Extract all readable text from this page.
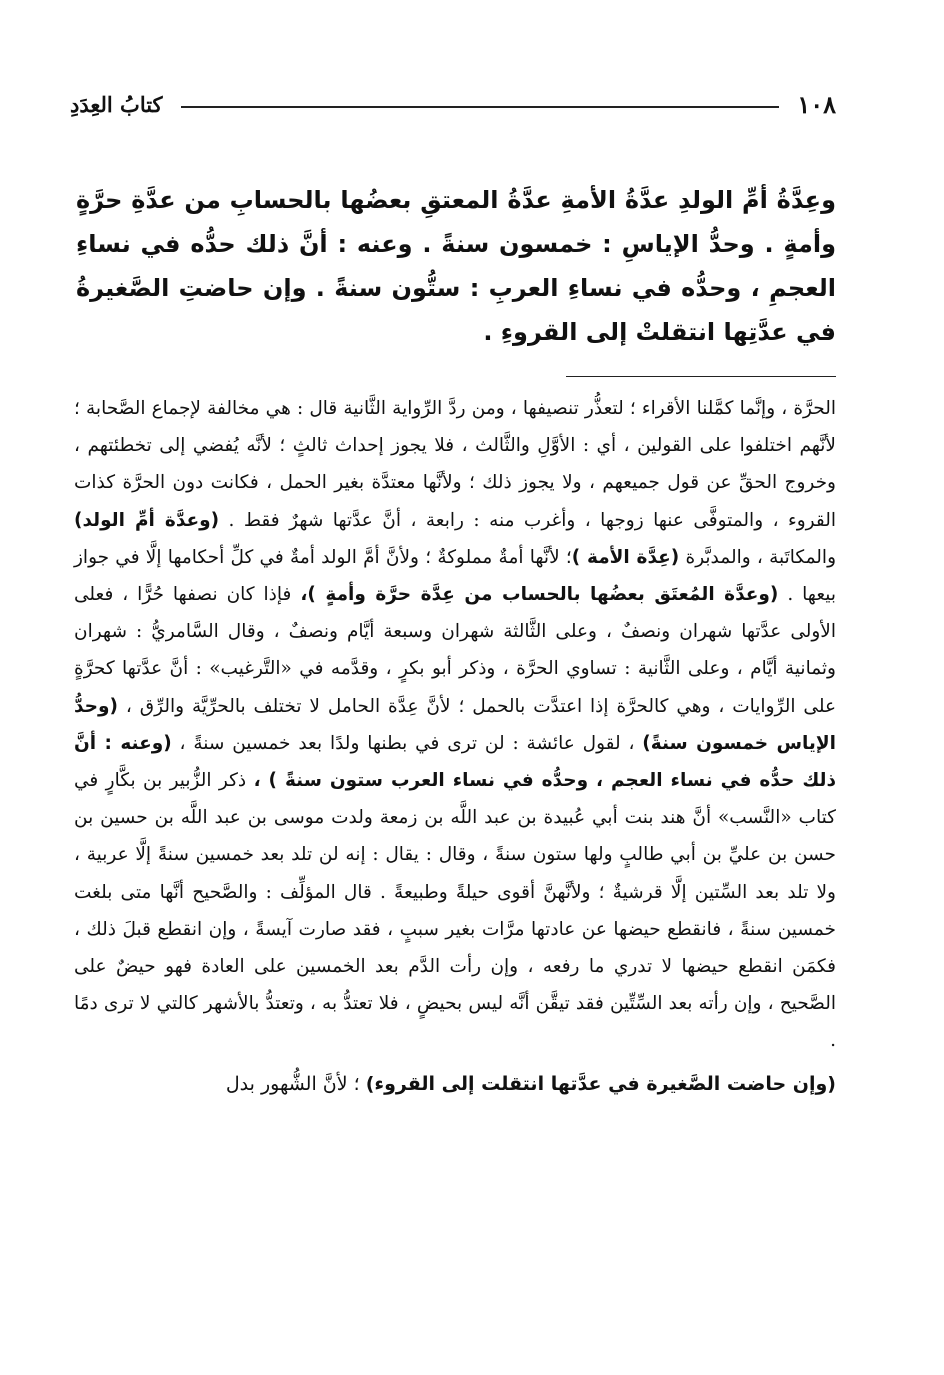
١٠٨
كتابُ العِدَدِ
وعِدَّةُ أمِّ الولدِ عدَّةُ الأمةِ عدَّةُ المعتقِ بعضُها بالحسابِ من عدَّةِ حرَّةٍ وأمةٍ . وحدُّ الإياسِ : خمسون سنةً . وعنه : أنَّ ذلك حدُّه في نساءِ العجمِ ، وحدُّه في نساءِ العربِ : ستُّون سنةً . وإن حاضتِ الصَّغيرةُ في عدَّتِها انتقلتْ إلى القروءِ .

الحرَّة ، وإنَّما كمَّلنا الأقراء ؛ لتعذُّر تنصيفها ، ومن ردَّ الرِّواية الثَّانية قال : هي مخالفة لإجماع الصَّحابة ؛ لأنَّهم اختلفوا على القولين ، أي : الأوَّلِ والثَّالث ، فلا يجوز إحداث ثالثٍ ؛ لأنَّه يُفضي إلى تخطئتهم ، وخروج الحقِّ عن قول جميعهم ، ولا يجوز ذلك ؛ ولأنَّها معتدَّة بغير الحمل ، فكانت دون الحرَّة كذات القروء ، والمتوفَّى عنها زوجها ، وأغرب منه : رابعة ، أنَّ عدَّتها شهرٌ فقط . (وعدَّة أمِّ الولد) والمكاتَبة ، والمدبَّرة (عِدَّة الأمة )؛ لأنَّها أمةٌ مملوكةٌ ؛ ولأنَّ أمَّ الولد أمةٌ في كلِّ أحكامها إلَّا في جواز بيعها . (وعدَّة المُعتَق بعضُها بالحساب من عِدَّة حرَّة وأمةٍ )، فإذا كان نصفها حُرًّا ، فعلى الأولى عدَّتها شهران ونصفٌ ، وعلى الثَّالثة شهران وسبعة أيَّام ونصفٌ ، وقال السَّامريُّ : شهران وثمانية أيَّام ، وعلى الثَّانية : تساوي الحرَّة ، وذكر أبو بكرٍ ، وقدَّمه في «التَّرغيب» : أنَّ عدَّتها كحرَّةٍ على الرِّوايات ، وهي كالحرَّة إذا اعتدَّت بالحمل ؛ لأنَّ عِدَّة الحامل لا تختلف بالحرِّيَّة والرِّق ، (وحدُّ الإياس خمسون سنةً) ، لقول عائشة : لن ترى في بطنها ولدًا بعد خمسين سنةً ، (وعنه : أنَّ ذلك حدُّه في نساء العجم ، وحدُّه في نساء العرب ستون سنةً ) ، ذكر الزُّبير بن بكَّارٍ في كتاب «النَّسب» أنَّ هند بنت أبي عُبيدة بن عبد اللَّه بن زمعة ولدت موسى بن عبد اللَّه بن حسين بن حسن بن عليِّ بن أبي طالبٍ ولها ستون سنةً ، وقال : يقال : إنه لن تلد بعد خمسين سنةً إلَّا عربية ، ولا تلد بعد السِّتين إلَّا قرشيةٌ ؛ ولأنَّهنَّ أقوى حيلةً وطبيعةً . قال المؤلِّف : والصَّحيح أنَّها متى بلغت خمسين سنةً ، فانقطع حيضها عن عادتها مرَّات بغير سببٍ ، فقد صارت آيسةً ، وإن انقطع قبلَ ذلك ، فكمَن انقطع حيضها لا تدري ما رفعه ، وإن رأت الدَّم بعد الخمسين على العادة فهو حيضٌ على الصَّحيح ، وإن رأته بعد السِّتِّين فقد تيقَّن أنَّه ليس بحيضٍ ، فلا تعتدُّ به ، وتعتدُّ بالأشهر كالتي لا ترى دمًا .

(وإن حاضت الصَّغيرة في عدَّتها انتقلت إلى القروء) ؛ لأنَّ الشُّهور بدل
